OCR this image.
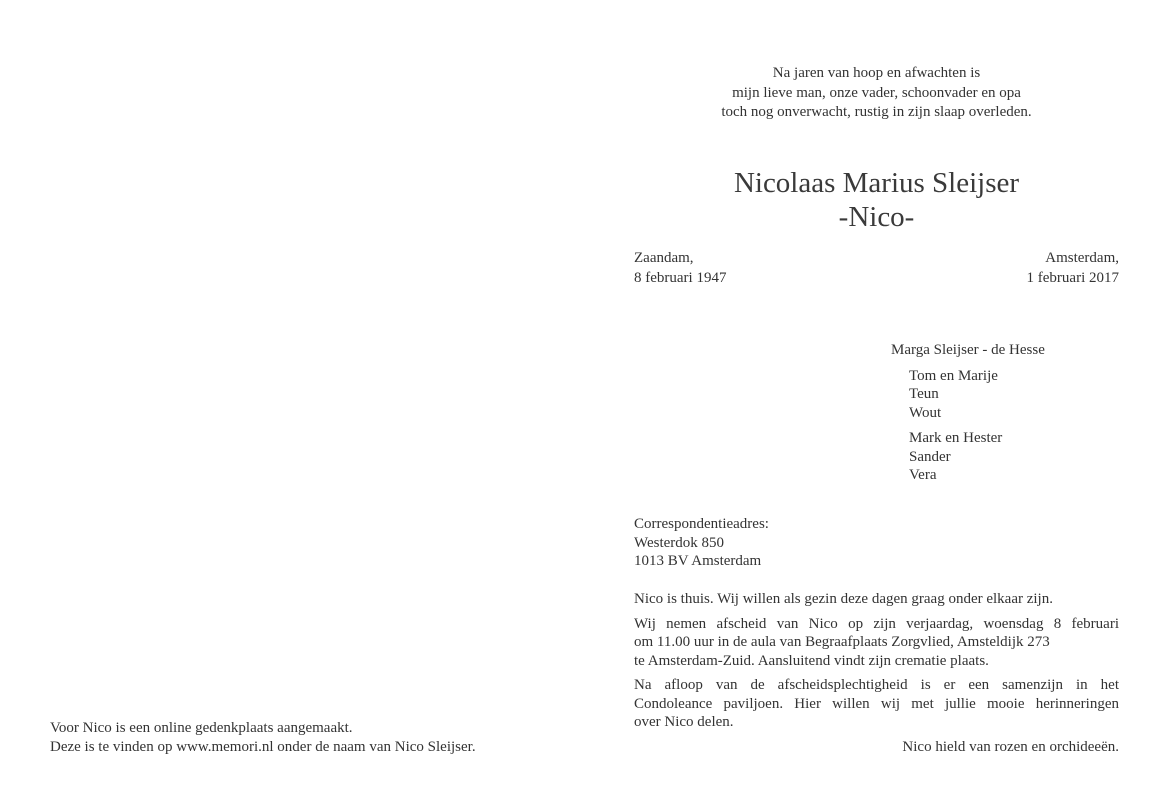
Na jaren van hoop en afwachten is
mijn lieve man, onze vader, schoonvader en opa
toch nog onverwacht, rustig in zijn slaap overleden.
Nicolaas Marius Sleijser
-Nico-
Zaandam,
8 februari 1947
Amsterdam,
1 februari 2017
Marga Sleijser - de Hesse
Tom en Marije
Teun
Wout
Mark en Hester
Sander
Vera
Correspondentieadres:
Westerdok 850
1013 BV Amsterdam
Nico is thuis. Wij willen als gezin deze dagen graag onder elkaar zijn.
Wij nemen afscheid van Nico op zijn verjaardag, woensdag 8 februari
om 11.00 uur in de aula van Begraafplaats Zorgvlied, Amsteldijk 273
te Amsterdam-Zuid. Aansluitend vindt zijn crematie plaats.
Na afloop van de afscheidsplechtigheid is er een samenzijn in het
Condoleance paviljoen. Hier willen wij met jullie mooie herinneringen
over Nico delen.
Nico hield van rozen en orchideeën.
Voor Nico is een online gedenkplaats aangemaakt.
Deze is te vinden op www.memori.nl onder de naam van Nico Sleijser.
